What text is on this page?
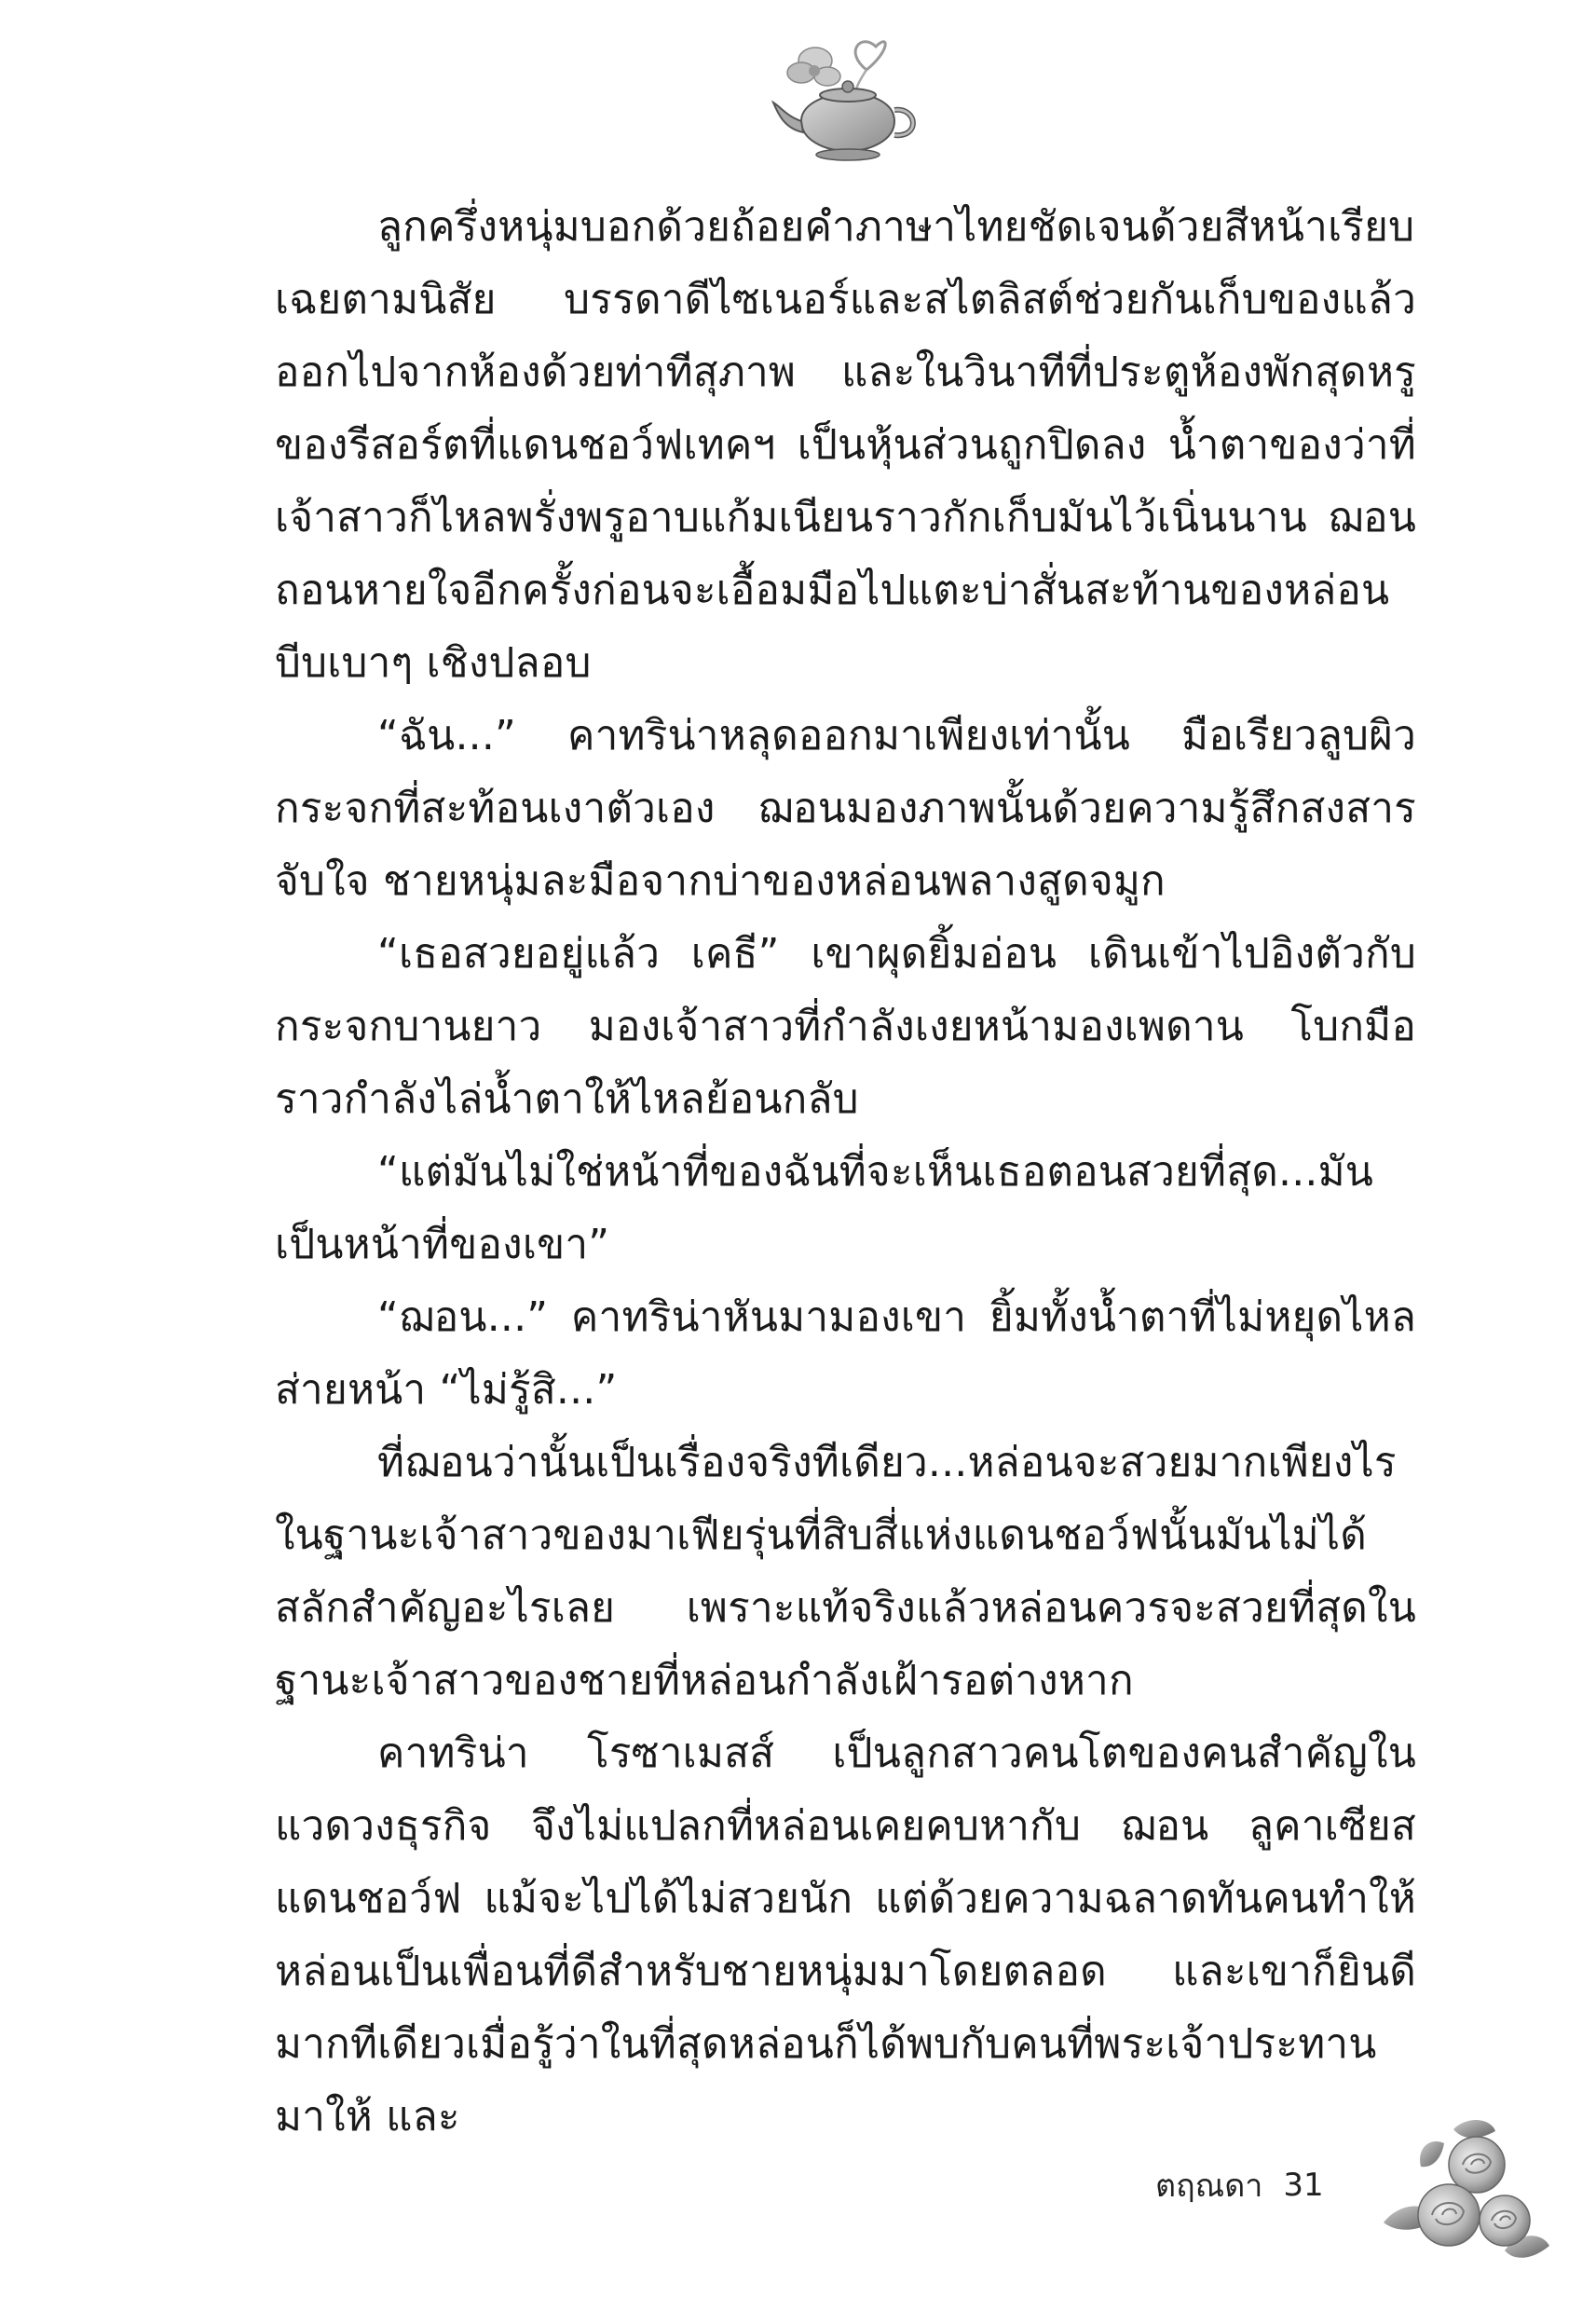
ลูกครึ่งหนุ่มบอกด้วยถ้อยคำภาษาไทยชัดเจนด้วยสีหน้าเรียบเฉยตามนิสัย บรรดาดีไซเนอร์และสไตลิสต์ช่วยกันเก็บของแล้วออกไปจากห้องด้วยท่าทีสุภาพ และในวินาทีที่ประตูห้องพักสุดหรูของรีสอร์ตที่แดนชอว์ฟเทคฯ เป็นหุ้นส่วนถูกปิดลง น้ำตาของว่าที่เจ้าสาวก็ไหลพรั่งพรูอาบแก้มเนียนราวกักเก็บมันไว้เนิ่นนาน ฌอนถอนหายใจอีกครั้งก่อนจะเอื้อมมือไปแตะบ่าสั่นสะท้านของหล่อน บีบเบาๆ เชิงปลอบ

“ฉัน...” คาทริน่าหลุดออกมาเพียงเท่านั้น มือเรียวลูบผิวกระจกที่สะท้อนเงาตัวเอง ฌอนมองภาพนั้นด้วยความรู้สึกสงสารจับใจ ชายหนุ่มละมือจากบ่าของหล่อนพลางสูดจมูก

“เธอสวยอยู่แล้ว เคธี” เขาผุดยิ้มอ่อน เดินเข้าไปอิงตัวกับกระจกบานยาว มองเจ้าสาวที่กำลังเงยหน้ามองเพดาน โบกมือราวกำลังไล่น้ำตาให้ไหลย้อนกลับ

“แต่มันไม่ใช่หน้าที่ของฉันที่จะเห็นเธอตอนสวยที่สุด...มันเป็นหน้าที่ของเขา”

“ฌอน...” คาทริน่าหันมามองเขา ยิ้มทั้งน้ำตาที่ไม่หยุดไหลส่ายหน้า “ไม่รู้สิ...”

ที่ฌอนว่านั้นเป็นเรื่องจริงทีเดียว...หล่อนจะสวยมากเพียงไรในฐานะเจ้าสาวของมาเฟียรุ่นที่สิบสี่แห่งแดนชอว์ฟนั้นมันไม่ได้สลักสำคัญอะไรเลย เพราะแท้จริงแล้วหล่อนควรจะสวยที่สุดในฐานะเจ้าสาวของชายที่หล่อนกำลังเฝ้ารอต่างหาก

คาทริน่า โรซาเมสส์ เป็นลูกสาวคนโตของคนสำคัญในแวดวงธุรกิจ จึงไม่แปลกที่หล่อนเคยคบหากับ ฌอน ลูคาเซียส แดนชอว์ฟ แม้จะไปได้ไม่สวยนัก แต่ด้วยความฉลาดทันคนทำให้หล่อนเป็นเพื่อนที่ดีสำหรับชายหนุ่มมาโดยตลอด และเขาก็ยินดีมากทีเดียวเมื่อรู้ว่าในที่สุดหล่อนก็ได้พบกับคนที่พระเจ้าประทานมาให้ และ

ตฤณดา 31
